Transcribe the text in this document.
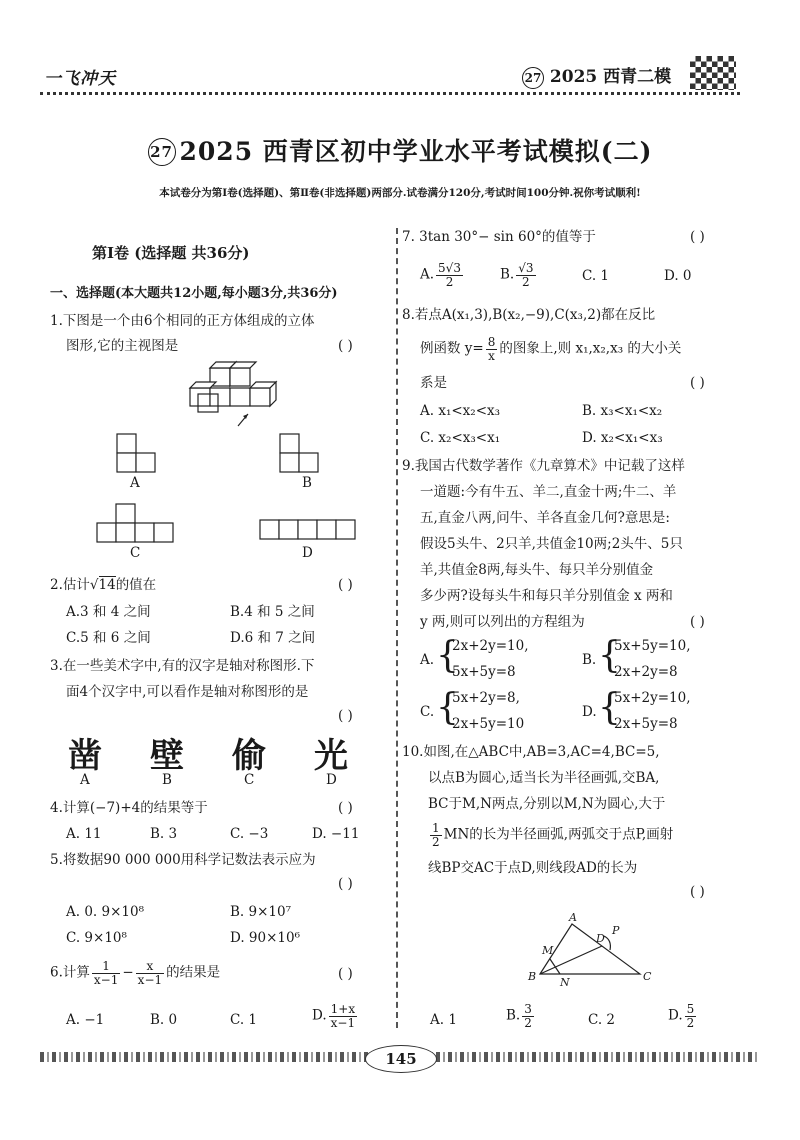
一飞冲天	27 2025 西青二模
27 2025 西青区初中学业水平考试模拟(二)
本试卷分为第Ⅰ卷(选择题)、第Ⅱ卷(非选择题)两部分.试卷满分120分,考试时间100分钟.祝你考试顺利!
第Ⅰ卷 (选择题 共36分)
一、选择题(本大题共12小题,每小题3分,共36分)
1.下图是一个由6个相同的正方体组成的立体
图形,它的主视图是	( )
A	B
C	D
2.估计√14的值在	( )
A.3 和 4 之间	B.4 和 5 之间
C.5 和 6 之间	D.6 和 7 之间
3.在一些美术字中,有的汉字是轴对称图形.下
面4个汉字中,可以看作是轴对称图形的是
( )
凿 壁 偷 光
A	B	C	D
4.计算(−7)+4的结果等于	( )
A. 11	B. 3	C. −3	D. −11
5.将数据90 000 000用科学记数法表示应为
( )
A. 0. 9×10⁸	B. 9×10⁷
C. 9×10⁸	D. 90×10⁶
6.计算 $\frac{1}{x-1} - \frac{x}{x-1}$ 的结果是	( )
A. −1	B. 0	C. 1	D. $\frac{1+x}{x-1}$
7. 3tan 30°− sin 60°的值等于	( )
A. $\frac{5√3}{2}$	B. $\frac{√3}{2}$	C. 1	D. 0
8.若点A(x₁,3),B(x₂,−9),C(x₃,2)都在反比
例函数 $y= \frac{8}{x}$ 的图象上,则 x₁,x₂,x₃ 的大小关
系是	( )
A. x₁<x₂<x₃	B. x₃<x₁<x₂
C. x₂<x₃<x₁	D. x₂<x₁<x₃
9.我国古代数学著作《九章算术》中记载了这样
一道题:今有牛五、羊二,直金十两;牛二、羊
五,直金八两,问牛、羊各直金几何?意思是:
假设5头牛、2只羊,共值金10两;2头牛、5只
羊,共值金8两,每头牛、每只羊分别值金
多少两?设每头牛和每只羊分别值金 x 两和
y 两,则可以列出的方程组为	( )
A. {
2x+2y=10,
5x+5y=8
B. {
5x+5y=10,
2x+2y=8
C. {
5x+2y=8,
2x+5y=10
D. {
5x+2y=10,
2x+5y=8
10.如图,在△ABC中,AB=3,AC=4,BC=5,
以点B为圆心,适当长为半径画弧,交BA,
BC于M,N两点,分别以M,N为圆心,大于
$\frac{1}{2}$ MN的长为半径画弧,两弧交于点P,画射
线BP交AC于点D,则线段AD的长为
( )
A
B	C
D
M
N
P
A. 1	B. $\frac{3}{2}$	C. 2	D. $\frac{5}{2}$
145
